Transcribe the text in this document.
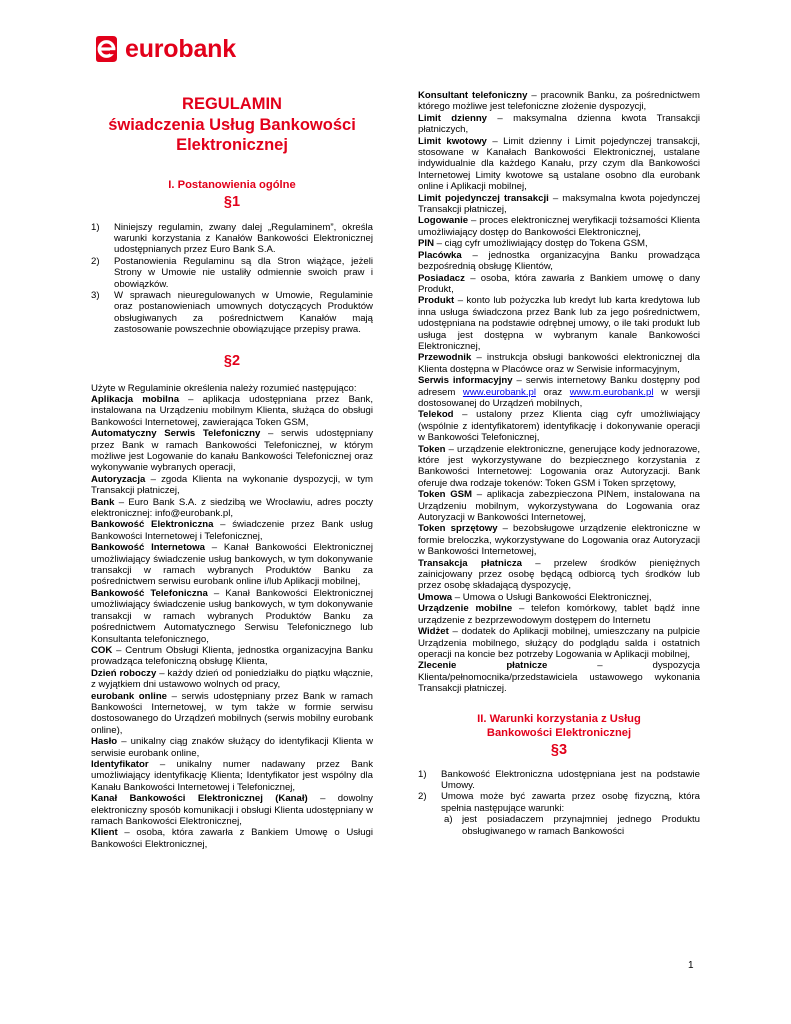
eurobank

REGULAMIN

świadczenia Usług Bankowości

Elektronicznej

I. Postanowienia ogólne

§1

1) Niniejszy regulamin, zwany dalej „Regulaminem”, określa warunki korzystania z Kanałów Bankowości Elektronicznej udostępnianych przez Euro Bank S.A.
2) Postanowienia Regulaminu są dla Stron wiążące, jeżeli Strony w Umowie nie ustaliły odmiennie swoich praw i obowiązków.
3) W sprawach nieuregulowanych w Umowie, Regulaminie oraz postanowieniach umownych dotyczących Produktów obsługiwanych za pośrednictwem Kanałów mają zastosowanie powszechnie obowiązujące przepisy prawa.

§2

Użyte w Regulaminie określenia należy rozumieć następująco:

Aplikacja mobilna – aplikacja udostępniana przez Bank, instalowana na Urządzeniu mobilnym Klienta, służąca do obsługi Bankowości Internetowej, zawierająca Token GSM,

Automatyczny Serwis Telefoniczny – serwis udostępniany przez Bank w ramach Bankowości Telefonicznej, w którym możliwe jest Logowanie do kanału Bankowości Telefonicznej oraz wykonywanie wybranych operacji,

Autoryzacja – zgoda Klienta na wykonanie dyspozycji, w tym Transakcji płatniczej,

Bank – Euro Bank S.A. z siedzibą we Wrocławiu, adres poczty elektronicznej: info@eurobank.pl,

Bankowość Elektroniczna – świadczenie przez Bank usług Bankowości Internetowej i Telefonicznej,

Bankowość Internetowa – Kanał Bankowości Elektronicznej umożliwiający świadczenie usług bankowych, w tym dokonywanie transakcji w ramach wybranych Produktów Banku za pośrednictwem serwisu eurobank online i/lub Aplikacji mobilnej,

Bankowość Telefoniczna – Kanał Bankowości Elektronicznej umożliwiający świadczenie usług bankowych, w tym dokonywanie transakcji w ramach wybranych Produktów Banku za pośrednictwem Automatycznego Serwisu Telefonicznego lub Konsultanta telefonicznego,

COK – Centrum Obsługi Klienta, jednostka organizacyjna Banku prowadząca telefoniczną obsługę Klienta,

Dzień roboczy – każdy dzień od poniedziałku do piątku włącznie, z wyjątkiem dni ustawowo wolnych od pracy,

eurobank online – serwis udostępniany przez Bank w ramach Bankowości Internetowej, w tym także w formie serwisu dostosowanego do Urządzeń mobilnych (serwis mobilny eurobank online),

Hasło – unikalny ciąg znaków służący do identyfikacji Klienta w serwisie eurobank online,

Identyfikator – unikalny numer nadawany przez Bank umożliwiający identyfikację Klienta; Identyfikator jest wspólny dla Kanału Bankowości Internetowej i Telefonicznej,

Kanał Bankowości Elektronicznej (Kanał) – dowolny elektroniczny sposób komunikacji i obsługi Klienta udostępniany w ramach Bankowości Elektronicznej,

Klient – osoba, która zawarła z Bankiem Umowę o Usługi Bankowości Elektronicznej,

Konsultant telefoniczny – pracownik Banku, za pośrednictwem którego możliwe jest telefoniczne złożenie dyspozycji,

Limit dzienny – maksymalna dzienna kwota Transakcji płatniczych,

Limit kwotowy – Limit dzienny i Limit pojedynczej transakcji, stosowane w Kanałach Bankowości Elektronicznej, ustalane indywidualnie dla każdego Kanału, przy czym dla Bankowości Internetowej Limity kwotowe są ustalane osobno dla eurobank online i Aplikacji mobilnej,

Limit pojedynczej transakcji – maksymalna kwota pojedynczej Transakcji płatniczej,

Logowanie – proces elektronicznej weryfikacji tożsamości Klienta umożliwiający dostęp do Bankowości Elektronicznej,

PIN – ciąg cyfr umożliwiający dostęp do Tokena GSM,

Placówka – jednostka organizacyjna Banku prowadząca bezpośrednią obsługę Klientów,

Posiadacz – osoba, która zawarła z Bankiem umowę o dany Produkt,

Produkt – konto lub pożyczka lub kredyt lub karta kredytowa lub inna usługa świadczona przez Bank lub za jego pośrednictwem, udostępniana na podstawie odrębnej umowy, o ile taki produkt lub usługa jest dostępna w wybranym kanale Bankowości Elektronicznej,

Przewodnik – instrukcja obsługi bankowości elektronicznej dla Klienta dostępna w Placówce oraz w Serwisie informacyjnym,

Serwis informacyjny – serwis internetowy Banku dostępny pod adresem www.eurobank.pl oraz www.m.eurobank.pl w wersji dostosowanej do Urządzeń mobilnych,

Telekod – ustalony przez Klienta ciąg cyfr umożliwiający (wspólnie z identyfikatorem) identyfikację i dokonywanie operacji w Bankowości Telefonicznej,

Token – urządzenie elektroniczne, generujące kody jednorazowe, które jest wykorzystywane do bezpiecznego korzystania z Bankowości Internetowej: Logowania oraz Autoryzacji. Bank oferuje dwa rodzaje tokenów: Token GSM i Token sprzętowy,

Token GSM – aplikacja zabezpieczona PINem, instalowana na Urządzeniu mobilnym, wykorzystywana do Logowania oraz Autoryzacji w Bankowości Internetowej,

Token sprzętowy – bezobsługowe urządzenie elektroniczne w formie breloczka, wykorzystywane do Logowania oraz Autoryzacji w Bankowości Internetowej,

Transakcja płatnicza – przelew środków pieniężnych zainicjowany przez osobę będącą odbiorcą tych środków lub przez osobę składającą dyspozycję,

Umowa – Umowa o Usługi Bankowości Elektronicznej,

Urządzenie mobilne – telefon komórkowy, tablet bądź inne urządzenie z bezprzewodowym dostępem do Internetu

Widżet – dodatek do Aplikacji mobilnej, umieszczany na pulpicie Urządzenia mobilnego, służący do podglądu salda i ostatnich operacji na koncie bez potrzeby Logowania w Aplikacji mobilnej,

Zlecenie płatnicze – dyspozycja Klienta/pełnomocnika/przedstawiciela ustawowego wykonania Transakcji płatniczej.

II. Warunki korzystania z Usług

Bankowości Elektronicznej

§3

1) Bankowość Elektroniczna udostępniana jest na podstawie Umowy.
2) Umowa może być zawarta przez osobę fizyczną, która spełnia następujące warunki:
a) jest posiadaczem przynajmniej jednego Produktu obsługiwanego w ramach Bankowości
1
